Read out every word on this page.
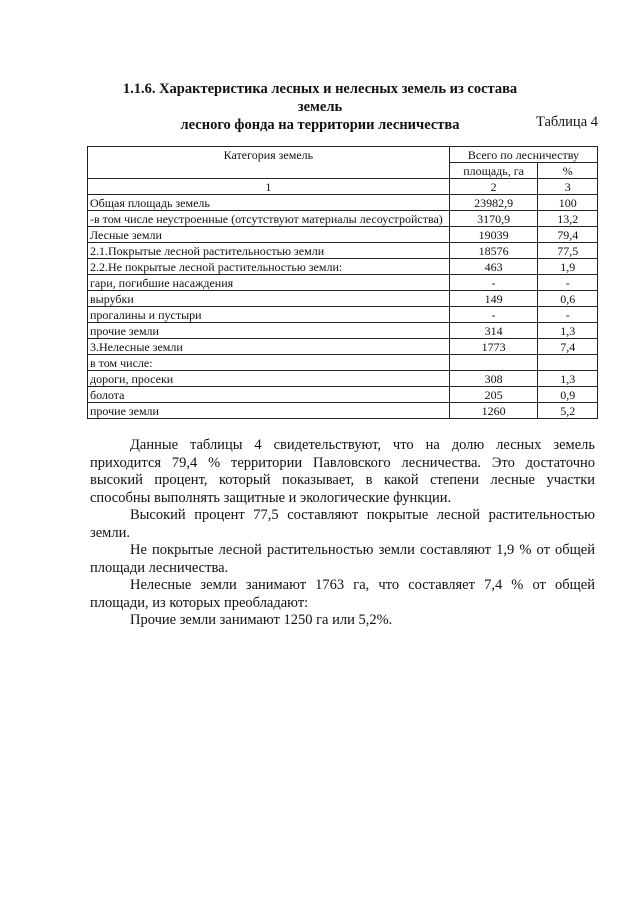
1.1.6. Характеристика лесных и нелесных земель из состава земель
лесного фонда на территории лесничества	Таблица 4
Категория земель	Всего по лесничеству	
	площадь, га	%
1	2	3
Общая площадь земель	23982,9	100
-в том числе неустроенные (отсутствуют материалы лесоустройства)	3170,9	13,2
Лесные земли	19039	79,4
2.1.Покрытые лесной растительностью земли	18576	77,5
2.2.Не покрытые лесной растительностью земли:	463	1,9
гари, погибшие насаждения	-	-
вырубки	149	0,6
прогалины и пустыри	-	-
прочие земли	314	1,3
3.Нелесные земли	1773	7,4
в том числе:		
дороги, просеки	308	1,3
болота	205	0,9
прочие земли	1260	5,2

Данные таблицы 4 свидетельствуют, что на долю лесных земель приходится 79,4 % территории Павловского лесничества. Это достаточно высокий процент, который показывает, в какой степени лесные участки способны выполнять защитные и экологические функции.

Высокий процент 77,5 составляют покрытые лесной растительностью земли.

Не покрытые лесной растительностью земли составляют 1,9 % от общей площади лесничества.

Нелесные земли занимают 1763 га, что составляет 7,4 % от общей площади, из которых преобладают:

Прочие земли занимают 1250 га или 5,2%.
